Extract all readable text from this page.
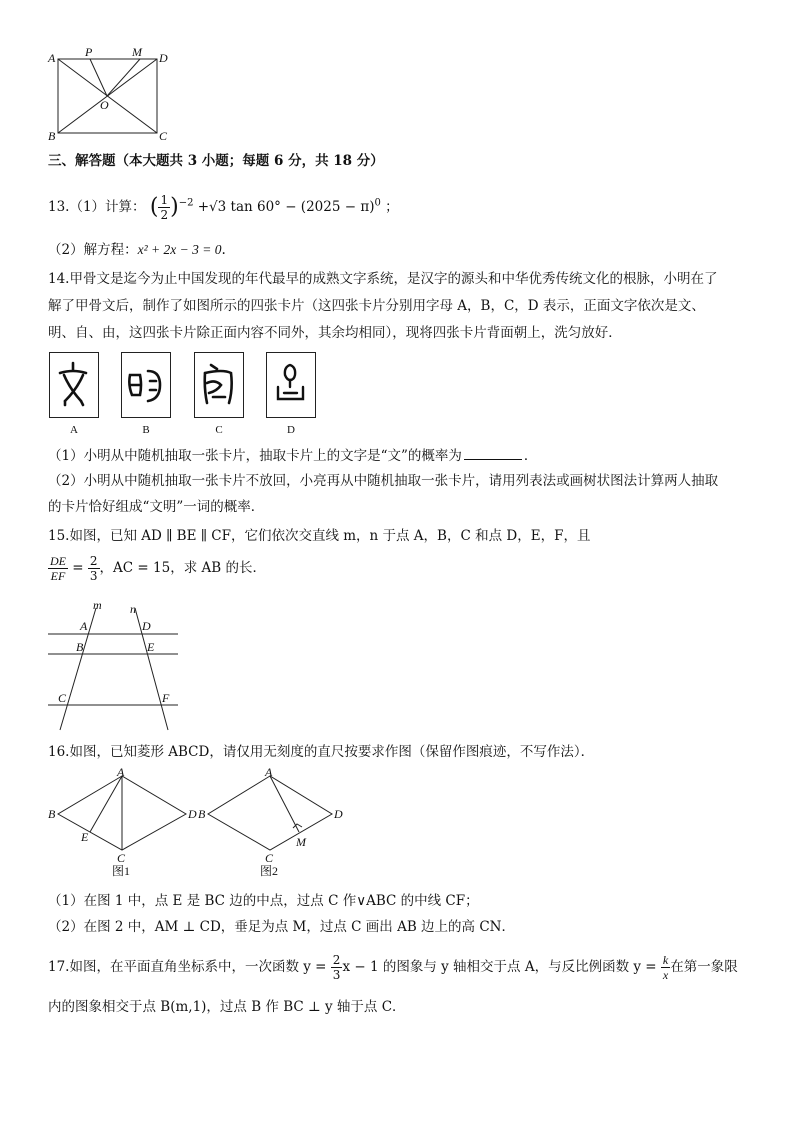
A P	M D
O
B	C
三、解答题（本大题共 3 小题；每题 6 分，共 18 分）
13.（1）计算： ( $\frac{1}{2} )^{-2} +√3$ $\tan 60^\circ - (2025 - \pi)^0$ ；
（2）解方程：x² + 2x − 3 = 0.
14.甲骨文是迄今为止中国发现的年代最早的成熟文字系统，是汉字的源头和中华优秀传统文化的根脉，小明在了
解了甲骨文后，制作了如图所示的四张卡片（这四张卡片分别用字母 A，B，C，D 表示，正面文字依次是文、
明、自、由，这四张卡片除正面内容不同外，其余均相同），现将四张卡片背面朝上，洗匀放好．
A	B	C	D
（1）小明从中随机抽取一张卡片，抽取卡片上的文字是“文”的概率为	．
（2）小明从中随机抽取一张卡片不放回，小亮再从中随机抽取一张卡片，请用列表法或画树状图法计算两人抽取
的卡片恰好组成“文明”一词的概率．
15.如图，已知 AD ∥ BE ∥ CF，它们依次交直线 m，n 于点 A，B，C 和点 D，E，F，且
$\frac{DE}{EF} = \frac{2}{3}$ ，AC = 15，求 AB 的长．
m n
A	D
B	E
C	F
16.如图，已知菱形 ABCD，请仅用无刻度的直尺按要求作图（保留作图痕迹，不写作法）．
A
B	D
E
C
图1
A
B	D
M
C
图2
（1）在图 1 中，点 E 是 BC 边的中点，过点 C 作∨ABC 的中线 CF；
（2）在图 2 中，AM ⊥ CD，垂足为点 M，过点 C 画出 AB 边上的高 CN．
17.如图，在平面直角坐标系中，一次函数 $y = \frac{2}{3}$ x − 1 的图象与 y 轴相交于点 A，与反比例函数 $y = \frac{k}{x}$ 在第一象限
内的图象相交于点 B(m,1)，过点 B 作 BC ⊥ y 轴于点 C．
